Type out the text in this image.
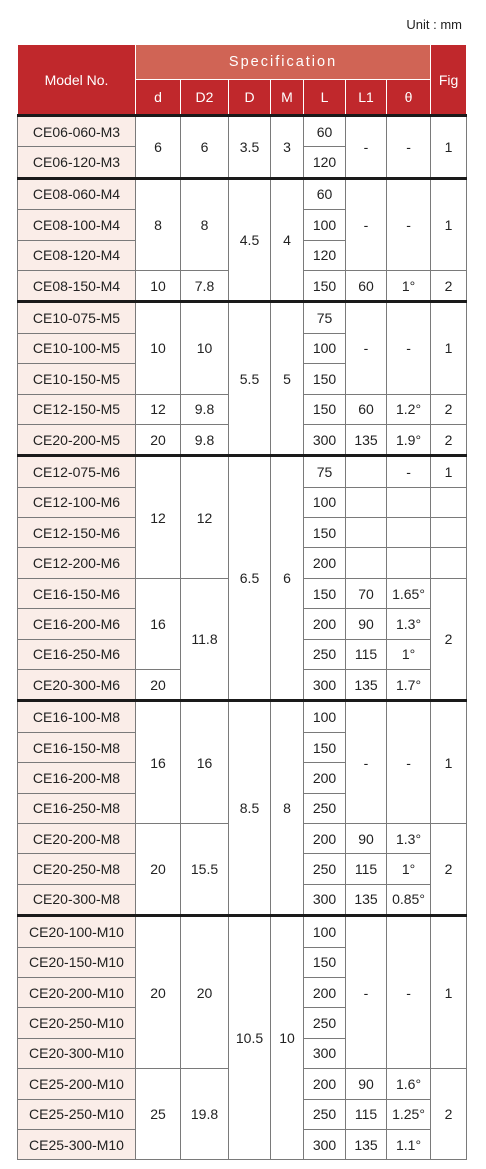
Unit : mm
Model No.	Specification							Fig
	d	D2	D	M	L	L1	θ	
CE06-060-M3	6	6	3.5	3	60	-	-	1
CE06-120-M3					120			
CE08-060-M4	8	8	4.5	4	60	-	-	1
CE08-100-M4					100			
CE08-120-M4					120			
CE08-150-M4	10	7.8			150	60	1°	2
CE10-075-M5	10	10	5.5	5	75	-	-	1
CE10-100-M5					100			
CE10-150-M5					150			
CE12-150-M5	12	9.8			150	60	1.2°	2
CE20-200-M5	20	9.8			300	135	1.9°	2
CE12-075-M6	12	12	6.5	6	75		-	1
CE12-100-M6					100			
CE12-150-M6					150			
CE12-200-M6					200			
CE16-150-M6	16	11.8			150	70	1.65°	2
CE16-200-M6					200	90	1.3°	
CE16-250-M6					250	115	1°	
CE20-300-M6	20				300	135	1.7°	
CE16-100-M8	16	16	8.5	8	100	-	-	1
CE16-150-M8					150			
CE16-200-M8					200			
CE16-250-M8					250			
CE20-200-M8	20	15.5			200	90	1.3°	2
CE20-250-M8					250	115	1°	
CE20-300-M8					300	135	0.85°	
CE20-100-M10	20	20	10.5	10	100	-	-	1
CE20-150-M10					150			
CE20-200-M10					200			
CE20-250-M10					250			
CE20-300-M10					300			
CE25-200-M10	25	19.8			200	90	1.6°	2
CE25-250-M10					250	115	1.25°	
CE25-300-M10					300	135	1.1°	
